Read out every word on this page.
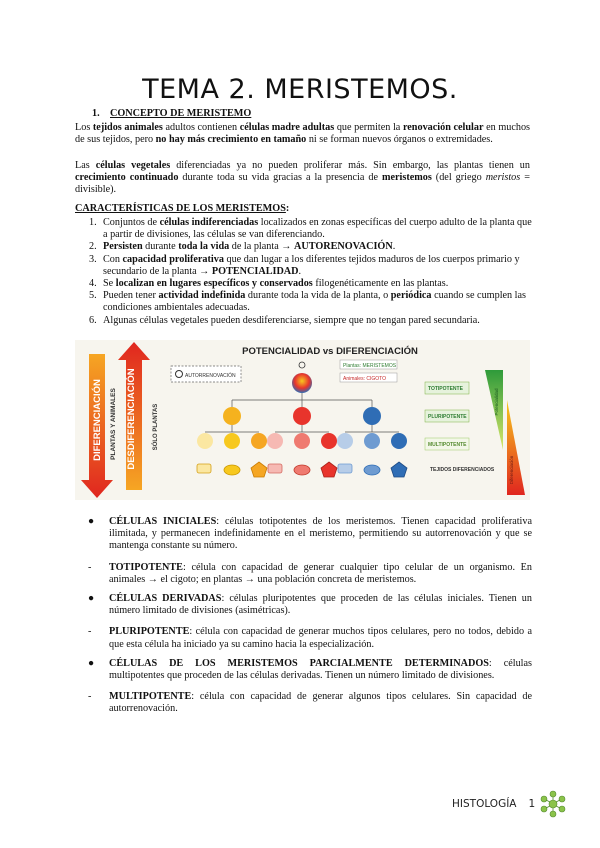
TEMA 2. MERISTEMOS.
1. CONCEPTO DE MERISTEMO
Los tejidos animales adultos contienen células madre adultas que permiten la renovación celular en muchos de sus tejidos, pero no hay más crecimiento en tamaño ni se forman nuevos órganos o extremidades.
Las células vegetales diferenciadas ya no pueden proliferar más. Sin embargo, las plantas tienen un crecimiento continuado durante toda su vida gracias a la presencia de meristemos (del griego meristos = divisible).
CARACTERÍSTICAS DE LOS MERISTEMOS:
1. Conjuntos de células indiferenciadas localizados en zonas específicas del cuerpo adulto de la planta que a partir de divisiones, las células se van diferenciando.
2. Persisten durante toda la vida de la planta → AUTORENOVACIÓN.
3. Con capacidad proliferativa que dan lugar a los diferentes tejidos maduros de los cuerpos primario y secundario de la planta → POTENCIALIDAD.
4. Se localizan en lugares específicos y conservados filogenéticamente en las plantas.
5. Pueden tener actividad indefinida durante toda la vida de la planta, o periódica cuando se cumplen las condiciones ambientales adecuadas.
6. Algunas células vegetales pueden desdiferenciarse, siempre que no tengan pared secundaria.
DIFERENCIACIÓN PLANTAS Y ANIMALES DESDIFERENCIACIÓN	SÓLO PLANTAS
POTENCIALIDAD vs DIFERENCIACIÓN
AUTORRENOVACIÓN
Plantas: MERISTEMOS
Animales: CIGOTO
TOTIPOTENTE
PLURIPOTENTE
MULTIPOTENTE
TEJIDOS DIFERENCIADOS
Potencialidad
Diferenciación
● CÉLULAS INICIALES: células totipotentes de los meristemos. Tienen capacidad proliferativa ilimitada, y permanecen indefinidamente en el meristemo, permitiendo su autorrenovación y que se mantenga constante su número.
- TOTIPOTENTE: célula con capacidad de generar cualquier tipo celular de un organismo. En animales → el cigoto; en plantas → una población concreta de meristemos.
● CÉLULAS DERIVADAS: células pluripotentes que proceden de las células iniciales. Tienen un número limitado de divisiones (asimétricas).
- PLURIPOTENTE: célula con capacidad de generar muchos tipos celulares, pero no todos, debido a que esta célula ha iniciado ya su camino hacia la especialización.
● CÉLULAS DE LOS MERISTEMOS PARCIALMENTE DETERMINADOS: células multipotentes que proceden de las células derivadas. Tienen un número limitado de divisiones.
- MULTIPOTENTE: célula con capacidad de generar algunos tipos celulares. Sin capacidad de autorrenovación.
HISTOLOGÍA 1
